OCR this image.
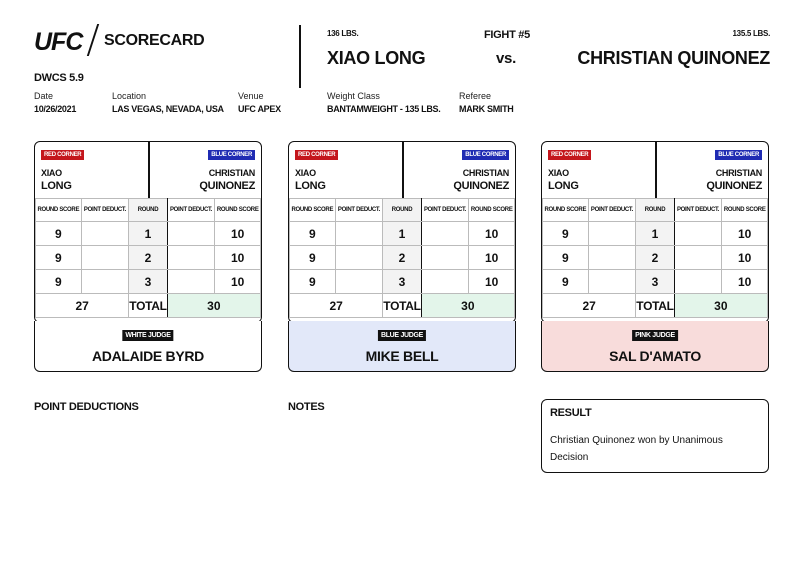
UFC SCORECARD
DWCS 5.9
Date
10/26/2021
Location
LAS VEGAS, NEVADA, USA
Venue
UFC APEX
136 LBS.
XIAO LONG
FIGHT #5
vs.
135.5 LBS.
CHRISTIAN QUINONEZ
Weight Class
BANTAMWEIGHT - 135 LBS.
Referee
MARK SMITH
RED CORNER	BLUE CORNER
XIAO
LONG
CHRISTIAN
QUINONEZ
ROUND SCORE	POINT DEDUCT.	ROUND	POINT DEDUCT.	ROUND SCORE
9		1		10
9		2		10
9		3		10
27		TOTAL	30	
WHITE JUDGE
ADALAIDE BYRD
RED CORNER	BLUE CORNER
XIAO
LONG
CHRISTIAN
QUINONEZ
ROUND SCORE	POINT DEDUCT.	ROUND	POINT DEDUCT.	ROUND SCORE
9		1		10
9		2		10
9		3		10
27		TOTAL	30	
BLUE JUDGE
MIKE BELL
RED CORNER	BLUE CORNER
XIAO
LONG
CHRISTIAN
QUINONEZ
ROUND SCORE	POINT DEDUCT.	ROUND	POINT DEDUCT.	ROUND SCORE
9		1		10
9		2		10
9		3		10
27		TOTAL	30	
PINK JUDGE
SAL D'AMATO
POINT DEDUCTIONS	NOTES	RESULT
Christian Quinonez won by Unanimous Decision
